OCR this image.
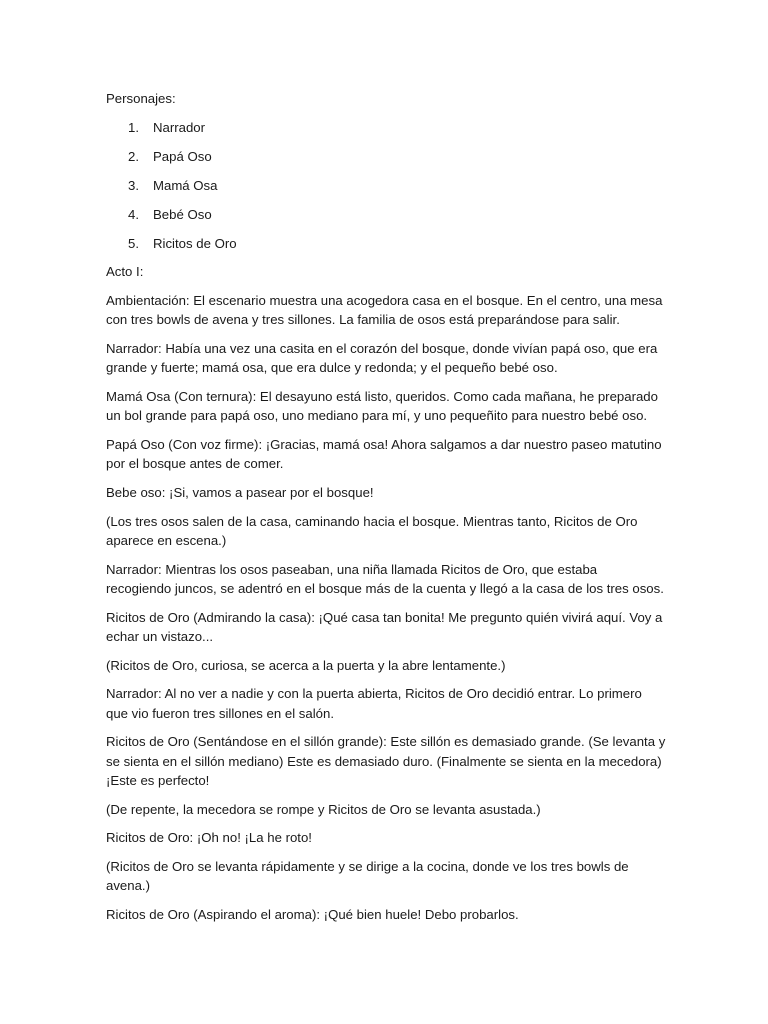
Personajes:

1.	Narrador
2.	Papá Oso
3.	Mamá Osa
4.	Bebé Oso
5.	Ricitos de Oro

Acto I:

Ambientación: El escenario muestra una acogedora casa en el bosque. En el centro, una mesa con tres bowls de avena y tres sillones. La familia de osos está preparándose para salir.

Narrador: Había una vez una casita en el corazón del bosque, donde vivían papá oso, que era grande y fuerte; mamá osa, que era dulce y redonda; y el pequeño bebé oso.

Mamá Osa (Con ternura): El desayuno está listo, queridos. Como cada mañana, he preparado un bol grande para papá oso, uno mediano para mí, y uno pequeñito para nuestro bebé oso.

Papá Oso (Con voz firme): ¡Gracias, mamá osa! Ahora salgamos a dar nuestro paseo matutino por el bosque antes de comer.

Bebe oso: ¡Si, vamos a pasear por el bosque!

(Los tres osos salen de la casa, caminando hacia el bosque. Mientras tanto, Ricitos de Oro aparece en escena.)

Narrador: Mientras los osos paseaban, una niña llamada Ricitos de Oro, que estaba recogiendo juncos, se adentró en el bosque más de la cuenta y llegó a la casa de los tres osos.

Ricitos de Oro (Admirando la casa): ¡Qué casa tan bonita! Me pregunto quién vivirá aquí. Voy a echar un vistazo...

(Ricitos de Oro, curiosa, se acerca a la puerta y la abre lentamente.)

Narrador: Al no ver a nadie y con la puerta abierta, Ricitos de Oro decidió entrar. Lo primero que vio fueron tres sillones en el salón.

Ricitos de Oro (Sentándose en el sillón grande): Este sillón es demasiado grande. (Se levanta y se sienta en el sillón mediano) Este es demasiado duro. (Finalmente se sienta en la mecedora) ¡Este es perfecto!

(De repente, la mecedora se rompe y Ricitos de Oro se levanta asustada.)

Ricitos de Oro: ¡Oh no! ¡La he roto!

(Ricitos de Oro se levanta rápidamente y se dirige a la cocina, donde ve los tres bowls de avena.)

Ricitos de Oro (Aspirando el aroma): ¡Qué bien huele! Debo probarlos.
